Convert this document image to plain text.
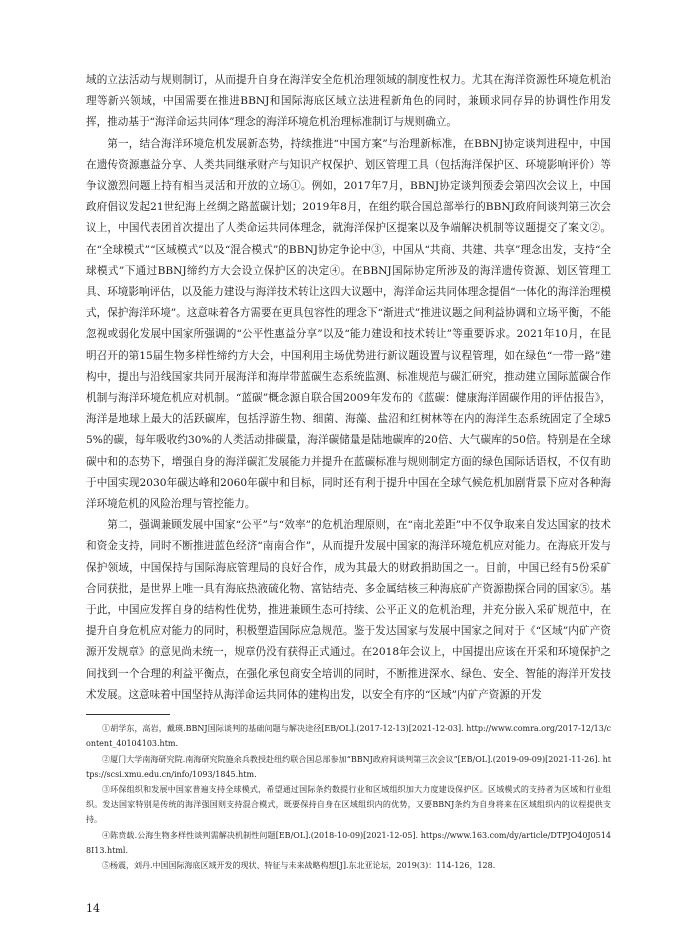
域的立法活动与规则制订，从而提升自身在海洋安全危机治理领域的制度性权力。尤其在海洋资源性环境危机治理等新兴领域，中国需要在推进BBNJ和国际海底区域立法进程新角色的同时，兼顾求同存异的协调性作用发挥，推动基于“海洋命运共同体”理念的海洋环境危机治理标准制订与规则确立。

第一，结合海洋环境危机发展新态势，持续推进“中国方案”与治理新标准，在BBNJ协定谈判进程中，中国在遗传资源惠益分享、人类共同继承财产与知识产权保护、划区管理工具（包括海洋保护区、环境影响评价）等争议激烈问题上持有相当灵活和开放的立场①。例如，2017年7月，BBNJ协定谈判预委会第四次会议上，中国政府倡议发起21世纪海上丝绸之路蓝碳计划；2019年8月，在组约联合国总部举行的BBNJ政府间谈判第三次会议上，中国代表团首次提出了人类命运共同体理念，就海洋保护区提案以及争端解决机制等议题提交了案文②。在“全球模式”“区域模式”以及“混合模式”的BBNJ协定争论中③，中国从“共商、共建、共享”理念出发，支持“全球模式”下通过BBNJ缔约方大会设立保护区的决定④。在BBNJ国际协定所涉及的海洋遗传资源、划区管理工具、环境影响评估，以及能力建设与海洋技术转让这四大议题中，海洋命运共同体理念提倡“一体化的海洋治理模式，保护海洋环境”。这意味着各方需要在更具包容性的理念下“渐进式”推进议题之间利益协调和立场平衡，不能忽视或弱化发展中国家所强调的“公平性惠益分享”以及“能力建设和技术转让”等重要诉求。2021年10月，在昆明召开的第15届生物多样性缔约方大会，中国利用主场优势进行新议题设置与议程管理，如在绿色“一带一路”建构中，提出与沿线国家共同开展海洋和海岸带蓝碳生态系统监测、标准规范与碳汇研究，推动建立国际蓝碳合作机制与海洋环境危机应对机制。“蓝碳”概念源自联合国2009年发布的《蓝碳：健康海洋固碳作用的评估报告》，海洋是地球上最大的活跃碳库，包括浮游生物、细菌、海藻、盐沼和红树林等在内的海洋生态系统固定了全球55%的碳，每年吸收约30%的人类活动排碳量，海洋碳储量是陆地碳库的20倍、大气碳库的50倍。特别是在全球碳中和的态势下，增强自身的海洋碳汇发展能力并提升在蓝碳标准与规则制定方面的绿色国际话语权，不仅有助于中国实现2030年碳达峰和2060年碳中和目标，同时还有利于提升中国在全球气候危机加剧背景下应对各种海洋环境危机的风险治理与管控能力。

第二，强调兼顾发展中国家“公平”与“效率”的危机治理原则，在“南北差距”中不仅争取来自发达国家的技术和资金支持，同时不断推进蓝色经济“南南合作”，从而提升发展中国家的海洋环境危机应对能力。在海底开发与保护领域，中国保持与国际海底管理局的良好合作，成为其最大的财政捐助国之一。目前，中国已经有5份采矿合同获批，是世界上唯一具有海底热液硫化物、富钴结壳、多金属结核三种海底矿产资源勘探合同的国家⑤。基于此，中国应发挥自身的结构性优势，推进兼顾生态可持续、公平正义的危机治理，并充分嵌入采矿规范中，在提升自身危机应对能力的同时，积极塑造国际应急规范。鉴于发达国家与发展中国家之间对于《“区域”内矿产资源开发规章》的意见尚未统一，规章仍没有获得正式通过。在2018年会议上，中国提出应该在开采和环境保护之间找到一个合理的利益平衡点，在强化承包商安全培训的同时，不断推进深水、绿色、安全、智能的海洋开发技术发展。这意味着中国坚持从海洋命运共同体的建构出发，以安全有序的“区域”内矿产资源的开发

①胡学东，高岩，戴瑛.BBNJ国际谈判的基础问题与解决途径[EB/OL].(2017-12-13)[2021-12-03]. http://www.comra.org/2017-12/13/content_40104103.htm.

②厦门大学南海研究院.南海研究院施余兵教授赴纽约联合国总部参加“BBNJ政府间谈判第三次会议”[EB/OL].(2019-09-09)[2021-11-26]. https://scsi.xmu.edu.cn/info/1093/1845.htm.

③环保组织和发展中国家普遍支持全球模式，希望通过国际条约数提行业和区域组织加大力度建设保护区。区域模式的支持者为区域和行业组织。发达国家特别是传统的海洋强国则支持混合模式，既要保持自身在区域组织内的优势，又要BBNJ条约为自身将来在区域组织内的议程提供支持。

④陈贲载.公海生物多样性谈判需解决机制性问题[EB/OL].(2018-10-09)[2021-12-05]. https://www.163.com/dy/article/DTPJO40J05148I13.html.

⑤杨震，刘丹.中国国际海底区域开发的现状、特征与未来战略构想[J].东北亚论坛，2019(3)：114-126，128.

14
